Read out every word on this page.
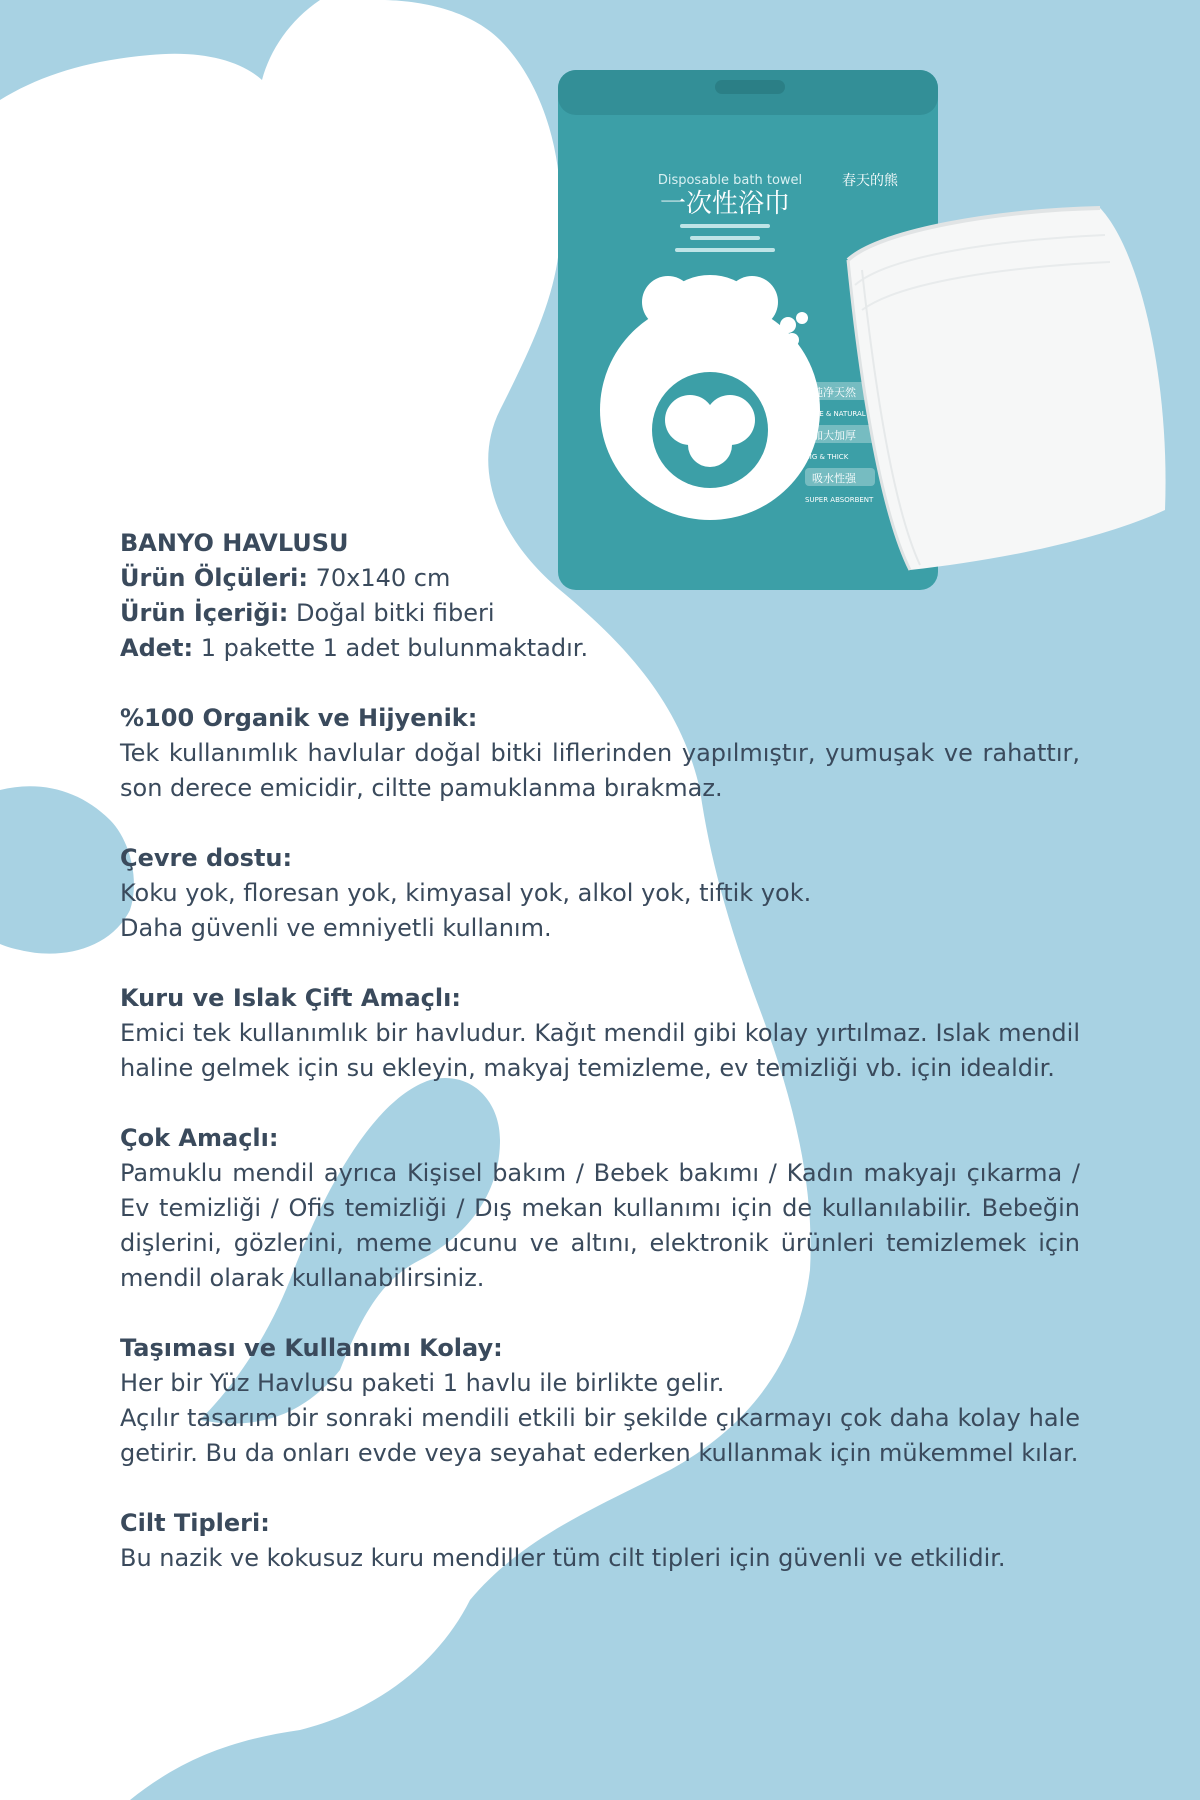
Disposable bath towel
一次性浴巾
春天的熊
纯净天然
PURE & NATURAL
加大加厚
BIG & THICK
吸水性强
SUPER ABSORBENT

BANYO HAVLUSU

Ürün Ölçüleri: 70x140 cm

Ürün İçeriği: Doğal bitki fiberi

Adet: 1 pakette 1 adet bulunmaktadır.

%100 Organik ve Hijyenik:

Tek kullanımlık havlular doğal bitki liflerinden yapılmıştır, yumuşak ve rahattır, son derece emicidir, ciltte pamuklanma bırakmaz.

Çevre dostu:

Koku yok, floresan yok, kimyasal yok, alkol yok, tiftik yok.

Daha güvenli ve emniyetli kullanım.

Kuru ve Islak Çift Amaçlı:

Emici tek kullanımlık bir havludur. Kağıt mendil gibi kolay yırtılmaz. Islak mendil haline gelmek için su ekleyin, makyaj temizleme, ev temizliği vb. için idealdir.

Çok Amaçlı:

Pamuklu mendil ayrıca Kişisel bakım / Bebek bakımı / Kadın makyajı çıkarma / Ev temizliği / Ofis temizliği / Dış mekan kullanımı için de kullanılabilir. Bebeğin dişlerini, gözlerini, meme ucunu ve altını, elektronik ürünleri temizlemek için mendil olarak kullanabilirsiniz.

Taşıması ve Kullanımı Kolay:

Her bir Yüz Havlusu paketi 1 havlu ile birlikte gelir.

Açılır tasarım bir sonraki mendili etkili bir şekilde çıkarmayı çok daha kolay hale getirir. Bu da onları evde veya seyahat ederken kullanmak için mükemmel kılar.

Cilt Tipleri:

Bu nazik ve kokusuz kuru mendiller tüm cilt tipleri için güvenli ve etkilidir.
